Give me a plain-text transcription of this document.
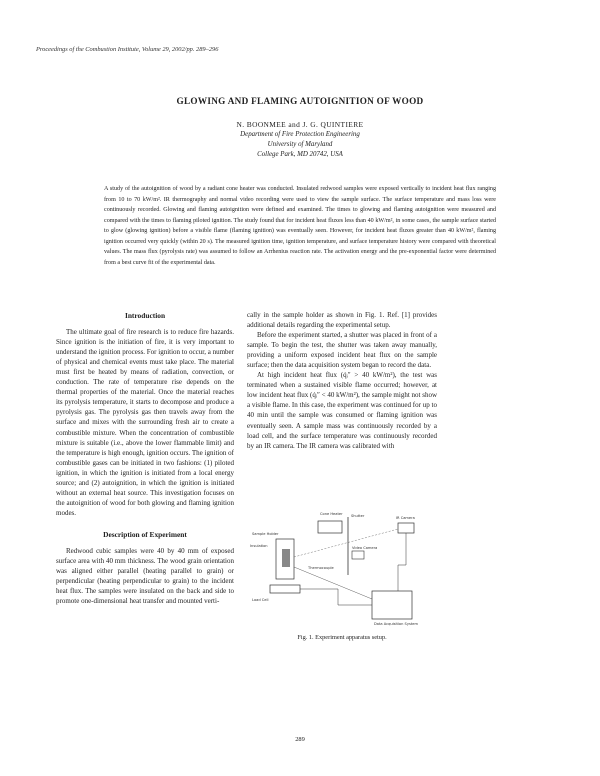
Proceedings of the Combustion Institute, Volume 29, 2002/pp. 289–296
GLOWING AND FLAMING AUTOIGNITION OF WOOD
N. BOONMEE and J. G. QUINTIERE
Department of Fire Protection Engineering
University of Maryland
College Park, MD 20742, USA
A study of the autoignition of wood by a radiant cone heater was conducted. Insulated redwood samples were exposed vertically to incident heat flux ranging from 10 to 70 kW/m². IR thermography and normal video recording were used to view the sample surface. The surface temperature and mass loss were continuously recorded. Glowing and flaming autoignition were defined and examined. The times to glowing and flaming autoignition were measured and compared with the times to flaming piloted ignition. The study found that for incident heat fluxes less than 40 kW/m², in some cases, the sample surface started to glow (glowing ignition) before a visible flame (flaming ignition) was eventually seen. However, for incident heat fluxes greater than 40 kW/m², flaming ignition occurred very quickly (within 20 s). The measured ignition time, ignition temperature, and surface temperature history were compared with theoretical values. The mass flux (pyrolysis rate) was assumed to follow an Arrhenius reaction rate. The activation energy and the pre-exponential factor were determined from a best curve fit of the experimental data.

Introduction

The ultimate goal of fire research is to reduce fire hazards. Since ignition is the initiation of fire, it is very important to understand the ignition process. For ignition to occur, a number of physical and chemical events must take place. The material must first be heated by means of radiation, convection, or conduction. The rate of temperature rise depends on the thermal properties of the material. Once the material reaches its pyrolysis temperature, it starts to decompose and produce a pyrolysis gas. The pyrolysis gas then travels away from the surface and mixes with the surrounding fresh air to create a combustible mixture. When the concentration of combustible mixture is suitable (i.e., above the lower flammable limit) and the temperature is high enough, ignition occurs. The ignition of combustible gases can be initiated in two fashions: (1) piloted ignition, in which the ignition is initiated from a local energy source; and (2) autoignition, in which the ignition is initiated without an external heat source. This investigation focuses on the autoignition of wood for both glowing and flaming ignition modes.

Description of Experiment

Redwood cubic samples were 40 by 40 mm of exposed surface area with 40 mm thickness. The wood grain orientation was aligned either parallel (heating parallel to grain) or perpendicular (heating perpendicular to grain) to the incident heat flux. The samples were insulated on the back and side to promote one-dimensional heat transfer and mounted verti-

cally in the sample holder as shown in Fig. 1. Ref. [1] provides additional details regarding the experimental setup.

Before the experiment started, a shutter was placed in front of a sample. To begin the test, the shutter was taken away manually, providing a uniform exposed incident heat flux on the sample surface; then the data acquisition system began to record the data.

At high incident heat flux (q̇ᵢ″ > 40 kW/m²), the test was terminated when a sustained visible flame occurred; however, at low incident heat flux (q̇ᵢ″ < 40 kW/m²), the sample might not show a visible flame. In this case, the experiment was continued for up to 40 min until the sample was consumed or flaming ignition was eventually seen. A sample mass was continuously recorded by a load cell, and the surface temperature was continuously recorded by an IR camera. The IR camera was calibrated with

Cone Heater Shutter	IR Camera
Sample Holder
Thermocouple
Load Cell
Data Acquisition System
Insulation	Video Camera
Fig. 1. Experiment apparatus setup.
289
